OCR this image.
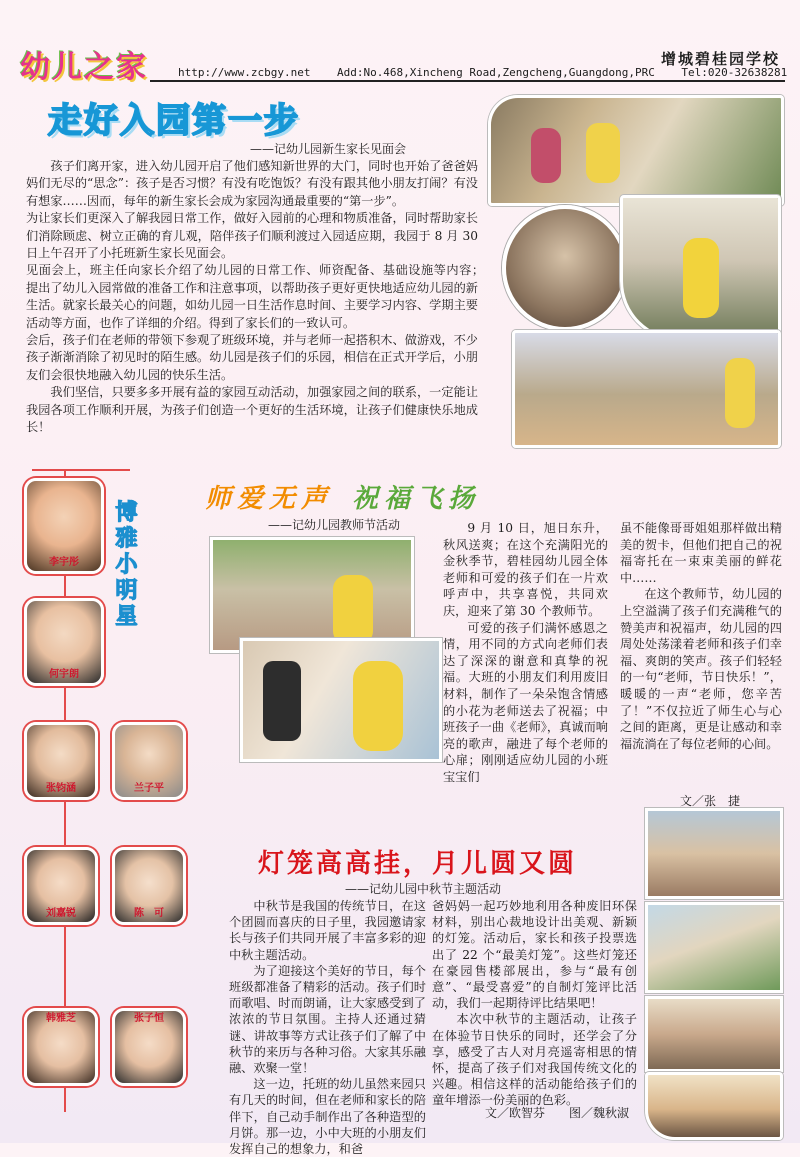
幼儿之家	增城碧桂园学校
http://www.zcbgy.net Add:No.468,Xincheng Road,Zengcheng,Guangdong,PRC Tel:020-32638281
走好入园第一步
——记幼儿园新生家长见面会

孩子们离开家，进入幼儿园开启了他们感知新世界的大门，同时也开始了爸爸妈妈们无尽的“思念”：孩子是否习惯？有没有吃饱饭？有没有跟其他小朋友打闹？有没有想家……因而，每年的新生家长会成为家园沟通最重要的“第一步”。

为让家长们更深入了解我园日常工作，做好入园前的心理和物质准备，同时帮助家长们消除顾虑、树立正确的育儿观，陪伴孩子们顺利渡过入园适应期，我园于 8 月 30 日上午召开了小托班新生家长见面会。

见面会上，班主任向家长介绍了幼儿园的日常工作、师资配备、基础设施等内容；　　提出了幼儿入园常做的准备工作和注意事项，以帮助孩子更好更快地适应幼儿园的新生活。就家长最关心的问题，如幼儿园一日生活作息时间、主要学习内容、学期主要活动等方面，也作了详细的介绍。得到了家长们的一致认可。

会后，孩子们在老师的带领下参观了班级环境，并与老师一起搭积木、做游戏，不少孩子渐渐消除了初见时的陌生感。幼儿园是孩子们的乐园，相信在正式开学后，小朋友们会很快地融入幼儿园的快乐生活。

我们坚信，只要多多开展有益的家园互动活动，加强家园之间的联系，一定能让我园各项工作顺利开展，为孩子们创造一个更好的生活环境，让孩子们健康快乐地成长！

博雅小明星
李宇彤
何宇朗
张钧涵	兰子平
刘嘉锐	陈　可
韩雅芝	张子恒
师爱无声 祝福飞扬
——记幼儿园教师节活动	9 月 10 日，旭日东升，秋风送爽；在这个充满阳光的金秋季节，碧桂园幼儿园全体老师和可爱的孩子们在一片欢呼声中，共享喜悦，共同欢庆，迎来了第 30 个教师节。

可爱的孩子们满怀感恩之情，用不同的方式向老师们表达了深深的谢意和真挚的祝福。大班的小朋友们利用废旧材料，制作了一朵朵饱含情感的小花为老师送去了祝福；中班孩子一曲《老师》，真诚而响亮的歌声，融进了每个老师的心扉；刚刚适应幼儿园的小班宝宝们

虽不能像哥哥姐姐那样做出精美的贺卡，但他们把自己的祝福寄托在一束束美丽的鲜花中……

在这个教师节，幼儿园的上空溢满了孩子们充满稚气的赞美声和祝福声，幼儿园的四周处处荡漾着老师和孩子们幸福、爽朗的笑声。孩子们轻轻的一句“老师，节日快乐！”，暖暖的一声“老师，您辛苦了！”不仅拉近了师生心与心之间的距离，更是让感动和幸福流淌在了每位老师的心间。

文／张　捷
灯笼高高挂，月儿圆又圆
——记幼儿园中秋节主题活动

中秋节是我国的传统节日，在这个团圆而喜庆的日子里，我园邀请家长与孩子们共同开展了丰富多彩的迎中秋主题活动。

为了迎接这个美好的节日，每个班级都准备了精彩的活动。孩子们时而歌唱、时而朗诵，让大家感受到了浓浓的节日氛围。主持人还通过猜谜、讲故事等方式让孩子们了解了中秋节的来历与各种习俗。大家其乐融融、欢聚一堂！

这一边，托班的幼儿虽然来园只有几天的时间，但在老师和家长的陪伴下，自己动手制作出了各种造型的月饼。那一边，小中大班的小朋友们发挥自己的想象力，和爸

爸妈妈一起巧妙地利用各种废旧环保材料，别出心裁地设计出美观、新颖的灯笼。活动后，家长和孩子投票选出了 22 个“最美灯笼”。这些灯笼还在豪园售楼部展出，参与“最有创意”、“最受喜爱”的自制灯笼评比活动，我们一起期待评比结果吧！

本次中秋节的主题活动，让孩子在体验节日快乐的同时，还学会了分享，感受了古人对月亮遥寄相思的情怀，提高了孩子们对我国传统文化的兴趣。相信这样的活动能给孩子们的童年增添一份美丽的色彩。

文／欧智芬　　图／魏秋淑
